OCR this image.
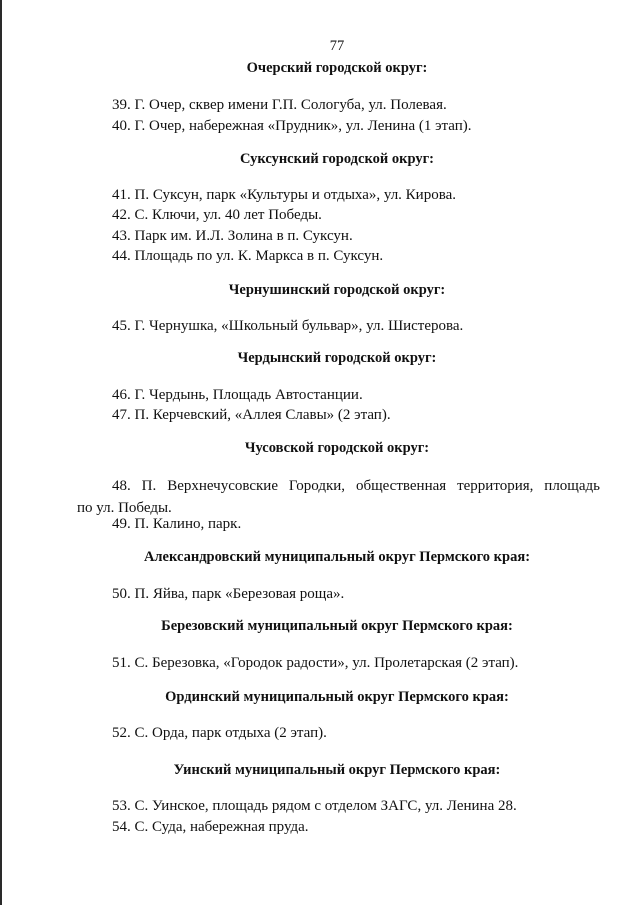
77
Очерский городской округ:
39. Г. Очер, сквер имени Г.П. Сологуба, ул. Полевая.
40. Г. Очер, набережная «Прудник», ул. Ленина (1 этап).
Суксунский городской округ:
41. П. Суксун, парк «Культуры и отдыха», ул. Кирова.
42. С. Ключи, ул. 40 лет Победы.
43. Парк им. И.Л. Золина в п. Суксун.
44. Площадь по ул. К. Маркса в п. Суксун.
Чернушинский городской округ:
45. Г. Чернушка, «Школьный бульвар», ул. Шистерова.
Чердынский городской округ:
46. Г. Чердынь, Площадь Автостанции.
47. П. Керчевский, «Аллея Славы» (2 этап).
Чусовской городской округ:
48. П. Верхнечусовские Городки, общественная территория, площадь
по ул. Победы.
49. П. Калино, парк.
Александровский муниципальный округ Пермского края:
50. П. Яйва, парк «Березовая роща».
Березовский муниципальный округ Пермского края:
51. С. Березовка, «Городок радости», ул. Пролетарская (2 этап).
Ординский муниципальный округ Пермского края:
52. С. Орда, парк отдыха (2 этап).
Уинский муниципальный округ Пермского края:
53. С. Уинское, площадь рядом с отделом ЗАГС, ул. Ленина 28.
54. С. Суда, набережная пруда.
